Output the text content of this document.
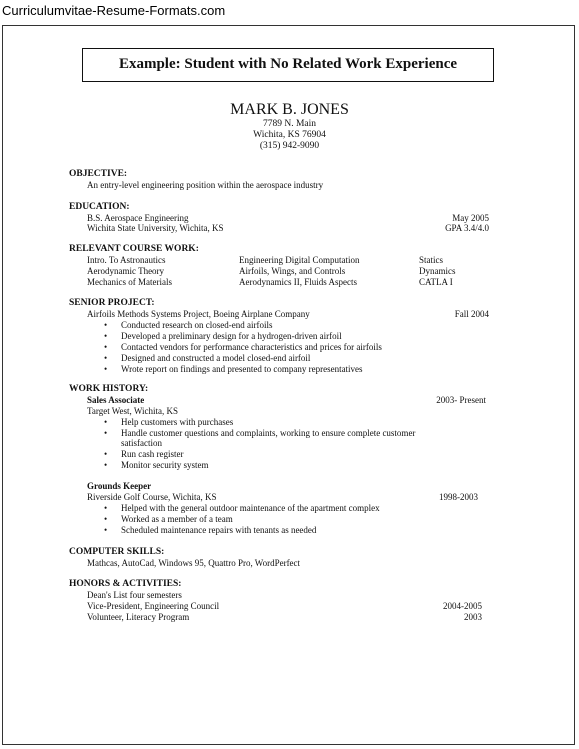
Curriculumvitae-Resume-Formats.com
Example: Student with No Related Work Experience
MARK B. JONES
7789 N. Main
Wichita, KS 76904
(315) 942-9090
OBJECTIVE:
An entry-level engineering position within the aerospace industry
EDUCATION:
B.S. Aerospace Engineering	May 2005
Wichita State University, Wichita, KS	GPA 3.4/4.0
RELEVANT COURSE WORK:
Intro. To Astronautics	Engineering Digital Computation	Statics
Aerodynamic Theory	Airfoils, Wings, and Controls	Dynamics
Mechanics of Materials	Aerodynamics II, Fluids Aspects	CATLA I
SENIOR PROJECT:
Airfoils Methods Systems Project, Boeing Airplane Company	Fall 2004
• Conducted research on closed-end airfoils
• Developed a preliminary design for a hydrogen-driven airfoil
• Contacted vendors for performance characteristics and prices for airfoils
• Designed and constructed a model closed-end airfoil
• Wrote report on findings and presented to company representatives
WORK HISTORY:
Sales Associate	2003- Present
Target West, Wichita, KS
• Help customers with purchases
• Handle customer questions and complaints, working to ensure complete customer
satisfaction
• Run cash register
• Monitor security system
Grounds Keeper
Riverside Golf Course, Wichita, KS	1998-2003
• Helped with the general outdoor maintenance of the apartment complex
• Worked as a member of a team
• Scheduled maintenance repairs with tenants as needed
COMPUTER SKILLS:
Mathcas, AutoCad, Windows 95, Quattro Pro, WordPerfect
HONORS & ACTIVITIES:
Dean's List four semesters
Vice-President, Engineering Council	2004-2005
Volunteer, Literacy Program	2003
